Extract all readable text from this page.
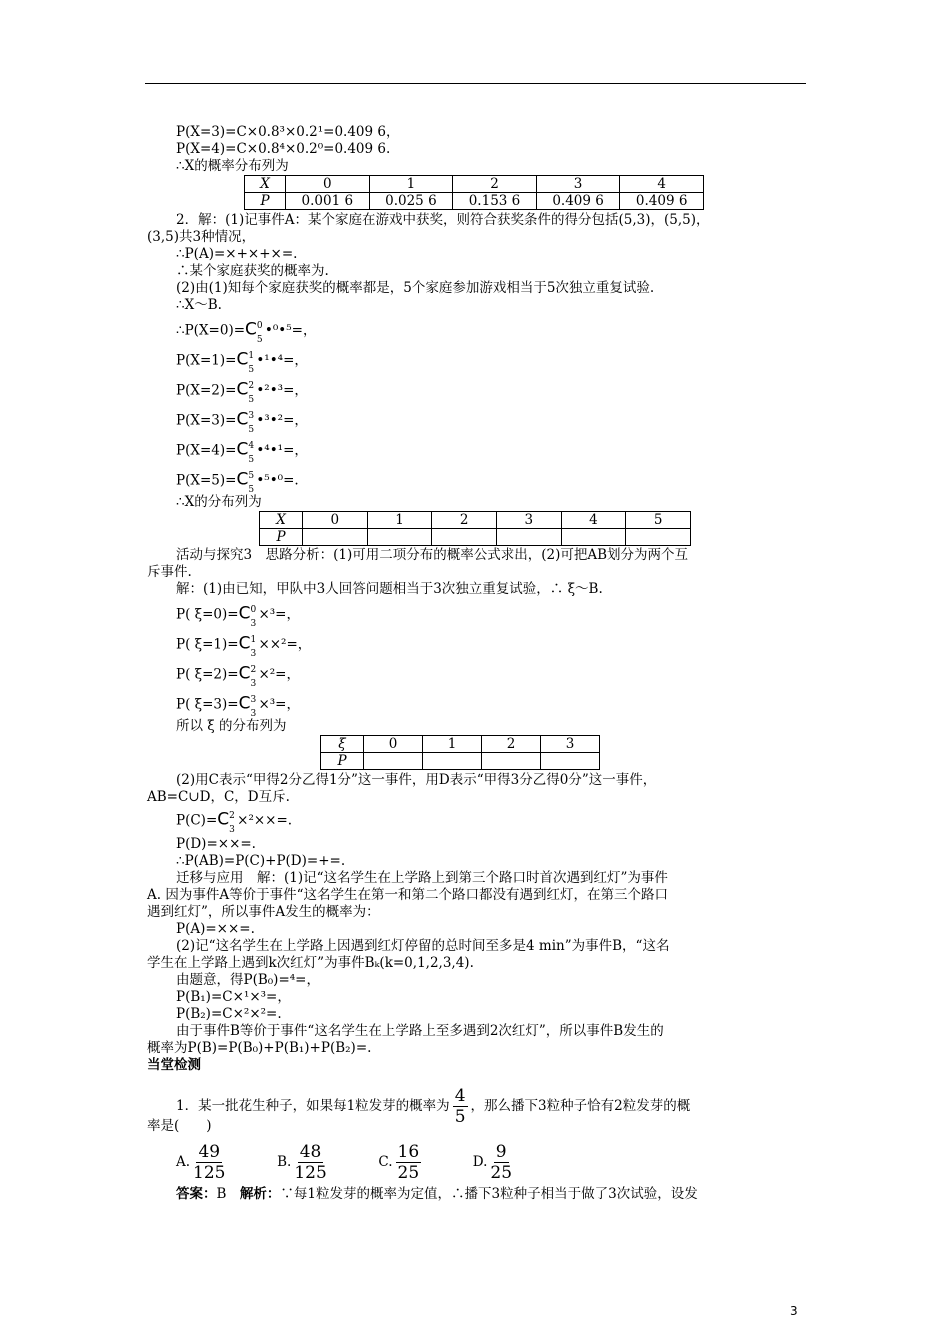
P(X=3)=C×0.8³×0.2¹=0.409 6，
P(X=4)=C×0.8⁴×0.2⁰=0.409 6.
∴X的概率分布列为
X	0	1	2	3	4
P	0.001 6	0.025 6	0.153 6	0.409 6	0.409 6
2．解：(1)记事件A：某个家庭在游戏中获奖，则符合获奖条件的得分包括(5,3)，(5,5)，
(3,5)共3种情况，
∴P(A)=×+×+×=.
∴某个家庭获奖的概率为.
(2)由(1)知每个家庭获奖的概率都是，5个家庭参加游戏相当于5次独立重复试验.
∴X～B.
∴P(X=0)=C 0
5
•⁰•⁵=，
P(X=1)=C 1
5
•¹•⁴=，
P(X=2)=C 2
5
•²•³=，
P(X=3)=C 3
5
•³•²=，
P(X=4)=C 4
5
•⁴•¹=，
P(X=5)=C 5
5
•⁵•⁰=.
∴X的分布列为
X	0	1	2	3	4	5
P						
活动与探究3　思路分析：(1)可用二项分布的概率公式求出，(2)可把AB划分为两个互
斥事件.
解：(1)由已知，甲队中3人回答问题相当于3次独立重复试验，∴ ξ～B.
P( ξ=0)=C 0
3
×³=，
P( ξ=1)=C 1
3
××²=，
P( ξ=2)=C 2
3
×²=，
P( ξ=3)=C 3
3
×³=，
所以 ξ 的分布列为
ξ	0	1	2	3
P				
(2)用C表示“甲得2分乙得1分”这一事件，用D表示“甲得3分乙得0分”这一事件，
AB=C∪D，C，D互斥.
P(C)=C 2
3
×²××=.
P(D)=××=.
∴P(AB)=P(C)+P(D)=+=.
迁移与应用　解：(1)记“这名学生在上学路上到第三个路口时首次遇到红灯”为事件
A. 因为事件A等价于事件“这名学生在第一和第二个路口都没有遇到红灯，在第三个路口
遇到红灯”，所以事件A发生的概率为：
P(A)=××=.
(2)记“这名学生在上学路上因遇到红灯停留的总时间至多是4 min”为事件B，“这名
学生在上学路上遇到k次红灯”为事件Bₖ(k=0,1,2,3,4).
由题意，得P(B₀)=⁴=，
P(B₁)=C×¹×³=，
P(B₂)=C×²×²=.
由于事件B等价于事件“这名学生在上学路上至多遇到2次红灯”，所以事件B发生的
概率为P(B)=P(B₀)+P(B₁)+P(B₂)=.
当堂检测
1．某一批花生种子，如果每1粒发芽的概率为 $\frac{4}{5}$ ，那么播下3粒种子恰有2粒发芽的概
率是(　　)
A. $\frac{49}{125}$	B. $\frac{48}{125}$	C. $\frac{16}{25}$	D. $\frac{9}{25}$
答案：B　 解析：∵每1粒发芽的概率为定值，∴播下3粒种子相当于做了3次试验，设发
3
